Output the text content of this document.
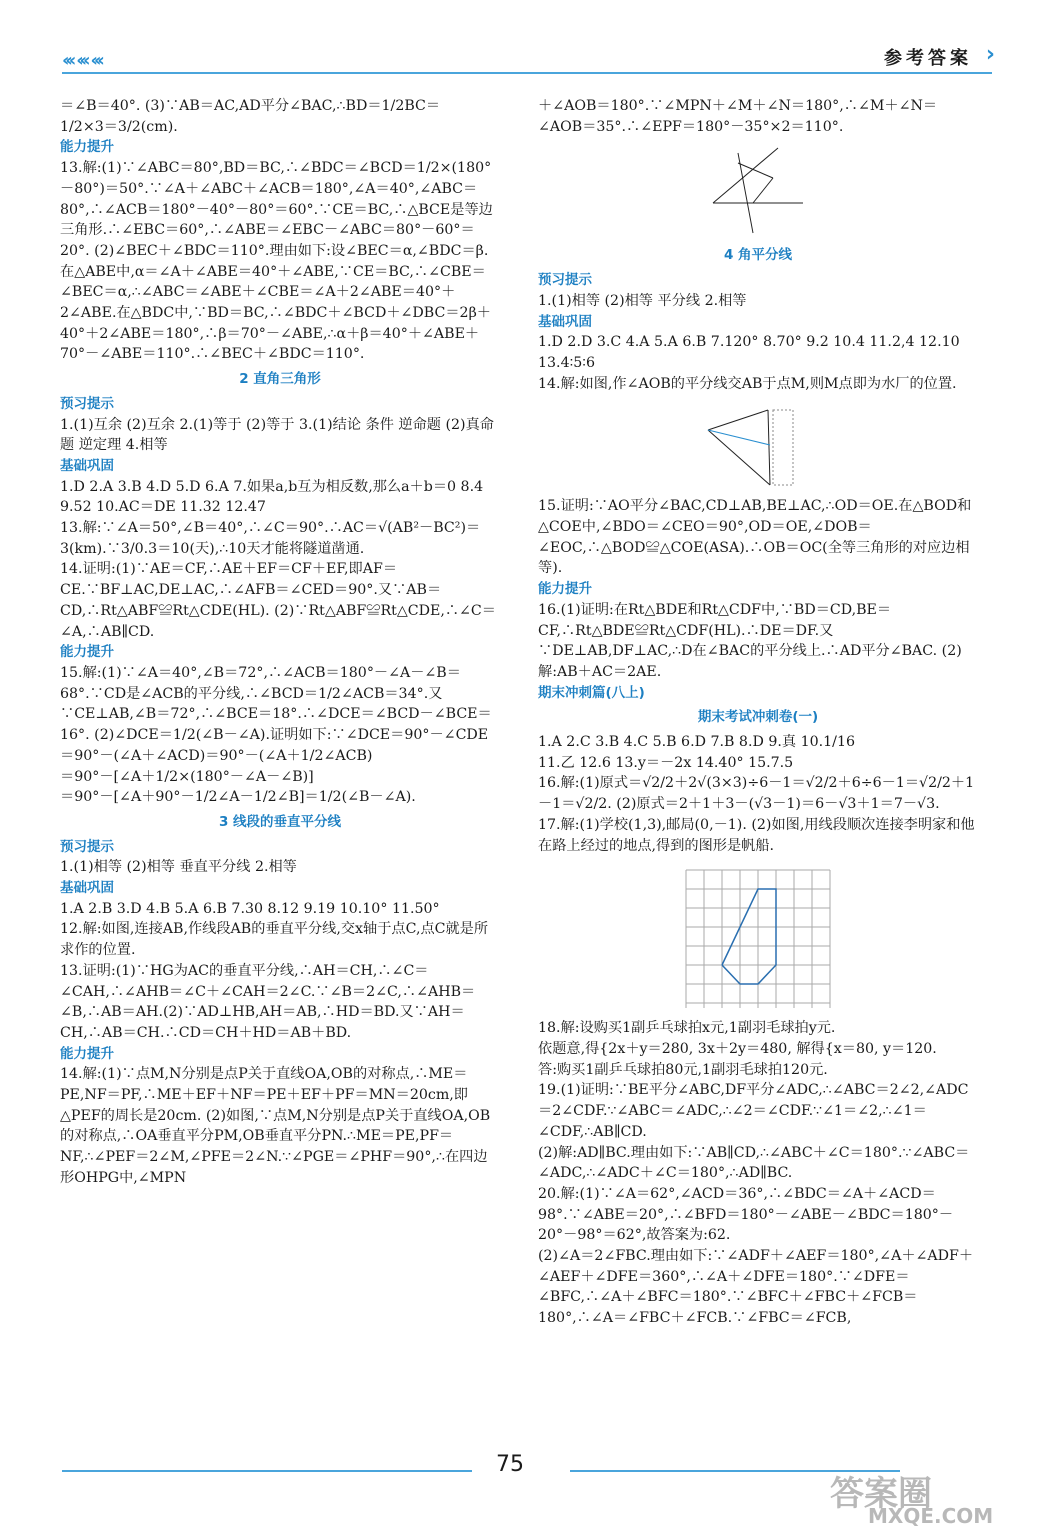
‹‹‹ ‹‹‹ ‹‹‹	参考答案 ›

＝∠B＝40°. (3)∵AB＝AC,AD平分∠BAC,∴BD＝1/2BC＝

1/2×3＝3/2(cm).

能力提升

13.解:(1)∵∠ABC＝80°,BD＝BC,∴∠BDC＝∠BCD＝1/2×(180°－80°)＝50°.∵∠A＋∠ABC＋∠ACB＝180°,∠A＝40°,∠ABC＝80°,∴∠ACB＝180°－40°－80°＝60°.∵CE＝BC,∴△BCE是等边三角形.∴∠EBC＝60°,∴∠ABE＝∠EBC－∠ABC＝80°－60°＝20°. (2)∠BEC＋∠BDC＝110°.理由如下:设∠BEC＝α,∠BDC＝β.在△ABE中,α＝∠A＋∠ABE＝40°＋∠ABE,∵CE＝BC,∴∠CBE＝∠BEC＝α,∴∠ABC＝∠ABE＋∠CBE＝∠A＋2∠ABE＝40°＋2∠ABE.在△BDC中,∵BD＝BC,∴∠BDC＋∠BCD＋∠DBC＝2β＋40°＋2∠ABE＝180°,∴β＝70°－∠ABE,∴α＋β＝40°＋∠ABE＋70°－∠ABE＝110°.∴∠BEC＋∠BDC＝110°.

2 直角三角形

预习提示

1.(1)互余 (2)互余 2.(1)等于 (2)等于 3.(1)结论 条件 逆命题 (2)真命题 逆定理 4.相等

基础巩固

1.D 2.A 3.B 4.D 5.D 6.A 7.如果a,b互为相反数,那么a＋b＝0 8.4 9.52 10.AC＝DE 11.32 12.47

13.解:∵∠A＝50°,∠B＝40°,∴∠C＝90°.∴AC＝√(AB²－BC²)＝3(km).∵3/0.3＝10(天),∴10天才能将隧道凿通.

14.证明:(1)∵AE＝CF,∴AE＋EF＝CF＋EF,即AF＝CE.∵BF⊥AC,DE⊥AC,∴∠AFB＝∠CED＝90°.又∵AB＝CD,∴Rt△ABF≌Rt△CDE(HL). (2)∵Rt△ABF≌Rt△CDE,∴∠C＝∠A,∴AB∥CD.

能力提升

15.解:(1)∵∠A＝40°,∠B＝72°,∴∠ACB＝180°－∠A－∠B＝68°.∵CD是∠ACB的平分线,∴∠BCD＝1/2∠ACB＝34°.又∵CE⊥AB,∠B＝72°,∴∠BCE＝18°.∴∠DCE＝∠BCD－∠BCE＝16°. (2)∠DCE＝1/2(∠B－∠A).证明如下:∵∠DCE＝90°－∠CDE＝90°－(∠A＋∠ACD)＝90°－(∠A＋1/2∠ACB)

＝90°－[∠A＋1/2×(180°－∠A－∠B)]

＝90°－[∠A＋90°－1/2∠A－1/2∠B]＝1/2(∠B－∠A).

3 线段的垂直平分线

预习提示

1.(1)相等 (2)相等 垂直平分线 2.相等

基础巩固

1.A 2.B 3.D 4.B 5.A 6.B 7.30 8.12 9.19 10.10° 11.50°

12.解:如图,连接AB,作线段AB的垂直平分线,交x轴于点C,点C就是所求作的位置.

13.证明:(1)∵HG为AC的垂直平分线,∴AH＝CH,∴∠C＝∠CAH,∴∠AHB＝∠C＋∠CAH＝2∠C.∵∠B＝2∠C,∴∠AHB＝∠B,∴AB＝AH.(2)∵AD⊥HB,AH＝AB,∴HD＝BD.又∵AH＝CH,∴AB＝CH.∴CD＝CH＋HD＝AB＋BD.

能力提升

14.解:(1)∵点M,N分别是点P关于直线OA,OB的对称点,∴ME＝PE,NF＝PF,∴ME＋EF＋NF＝PE＋EF＋PF＝MN＝20cm,即△PEF的周长是20cm. (2)如图,∵点M,N分别是点P关于直线OA,OB的对称点,∴OA垂直平分PM,OB垂直平分PN.∴ME＝PE,PF＝NF,∴∠PEF＝2∠M,∠PFE＝2∠N.∵∠PGE＝∠PHF＝90°,∴在四边形OHPG中,∠MPN

＋∠AOB＝180°.∵∠MPN＋∠M＋∠N＝180°,∴∠M＋∠N＝∠AOB＝35°.∴∠EPF＝180°－35°×2＝110°.

4 角平分线

预习提示

1.(1)相等 (2)相等 平分线 2.相等

基础巩固

1.D 2.D 3.C 4.A 5.A 6.B 7.120° 8.70° 9.2 10.4 11.2,4 12.10 13.4∶5∶6

14.解:如图,作∠AOB的平分线交AB于点M,则M点即为水厂的位置.

15.证明:∵AO平分∠BAC,CD⊥AB,BE⊥AC,∴OD＝OE.在△BOD和△COE中,∠BDO＝∠CEO＝90°,OD＝OE,∠DOB＝∠EOC,∴△BOD≌△COE(ASA).∴OB＝OC(全等三角形的对应边相等).

能力提升

16.(1)证明:在Rt△BDE和Rt△CDF中,∵BD＝CD,BE＝CF,∴Rt△BDE≌Rt△CDF(HL).∴DE＝DF.又∵DE⊥AB,DF⊥AC,∴D在∠BAC的平分线上.∴AD平分∠BAC. (2)解:AB＋AC＝2AE.

期末冲刺篇(八上)

期末考试冲刺卷(一)

1.A 2.C 3.B 4.C 5.B 6.D 7.B 8.D 9.真 10.1/16

11.乙 12.6 13.y＝－2x 14.40° 15.7.5

16.解:(1)原式＝√2/2＋2√(3×3)÷6－1＝√2/2＋6÷6－1＝√2/2＋1－1＝√2/2. (2)原式＝2＋1＋3－(√3－1)＝6－√3＋1＝7－√3.

17.解:(1)学校(1,3),邮局(0,－1). (2)如图,用线段顺次连接李明家和他在路上经过的地点,得到的图形是帆船.

18.解:设购买1副乒乓球拍x元,1副羽毛球拍y元.

依题意,得{2x＋y＝280, 3x＋2y＝480, 解得{x＝80, y＝120.

答:购买1副乒乓球拍80元,1副羽毛球拍120元.

19.(1)证明:∵BE平分∠ABC,DF平分∠ADC,∴∠ABC＝2∠2,∠ADC＝2∠CDF.∵∠ABC＝∠ADC,∴∠2＝∠CDF.∵∠1＝∠2,∴∠1＝∠CDF,∴AB∥CD.

(2)解:AD∥BC.理由如下:∵AB∥CD,∴∠ABC＋∠C＝180°.∵∠ABC＝∠ADC,∴∠ADC＋∠C＝180°,∴AD∥BC.

20.解:(1)∵∠A＝62°,∠ACD＝36°,∴∠BDC＝∠A＋∠ACD＝98°.∵∠ABE＝20°,∴∠BFD＝180°－∠ABE－∠BDC＝180°－20°－98°＝62°,故答案为:62.

(2)∠A＝2∠FBC.理由如下:∵∠ADF＋∠AEF＝180°,∠A＋∠ADF＋∠AEF＋∠DFE＝360°,∴∠A＋∠DFE＝180°.∵∠DFE＝∠BFC,∴∠A＋∠BFC＝180°.∵∠BFC＋∠FBC＋∠FCB＝180°,∴∠A＝∠FBC＋∠FCB.∵∠FBC＝∠FCB,

75
答案圈
MXQE.COM
